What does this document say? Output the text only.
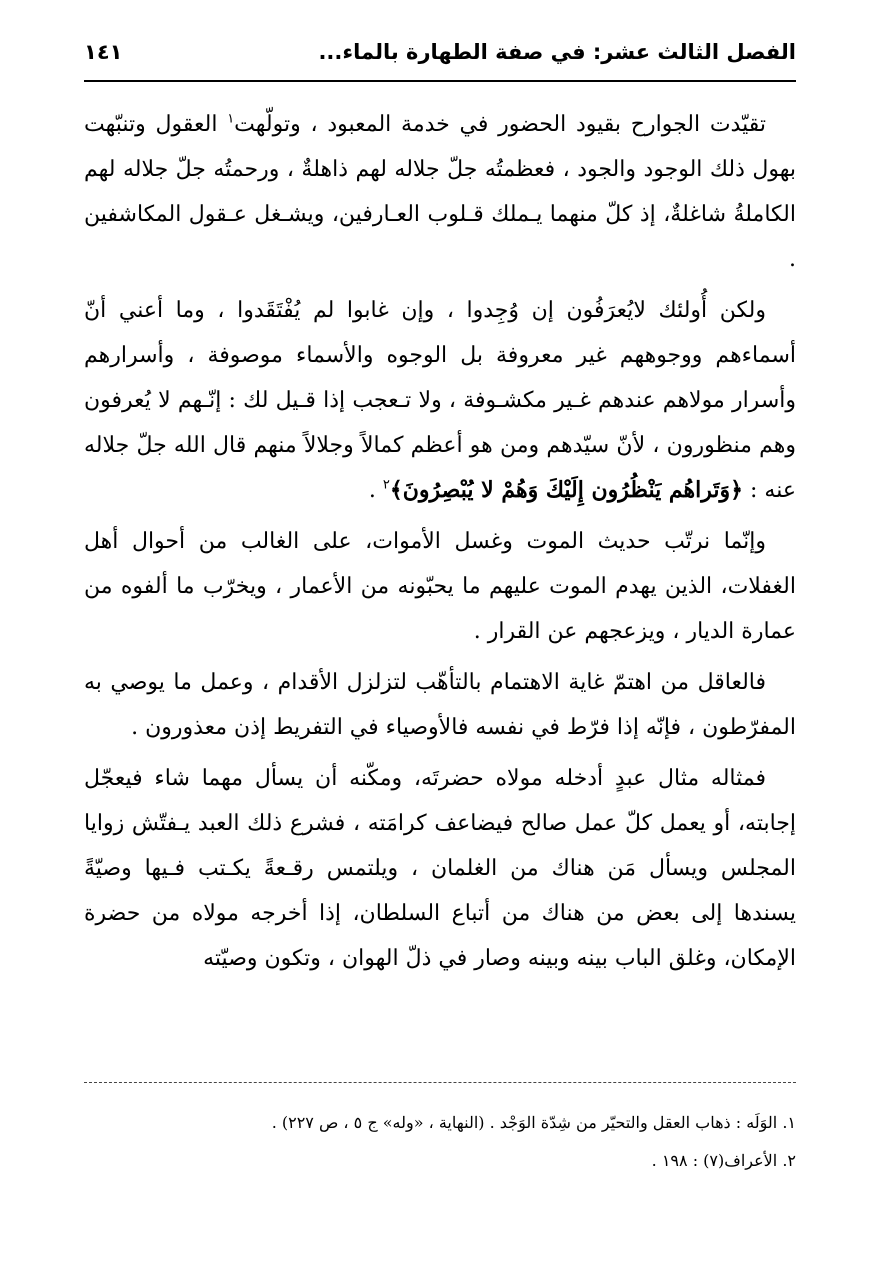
الفصل الثالث عشر: في صفة الطهارة بالماء...
١٤١

تقيّدت الجوارح بقيود الحضور في خدمة المعبود ، وتولّهت$^١$ العقول وتنبّهت بهول ذلك الوجود والجود ، فعظمتُه جلّ جلاله لهم ذاهلةٌ ، ورحمتُه جلّ جلاله لهم الكاملةُ شاغلةٌ، إذ كلّ منهما يـملك قـلوب العـارفين، ويشـغل عـقول المكاشفين .

ولكن أُولئك لايُعرَفُون إن وُجِدوا ، وإن غابوا لم يُفْتَقَدوا ، وما أعني أنّ أسماءهم ووجوههم غير معروفة بل الوجوه والأسماء موصوفة ، وأسرارهم وأسرار مولاهم عندهم غـير مكشـوفة ، ولا تـعجب إذا قـيل لك : إنّـهم لا يُعرفون وهم منظورون ، لأنّ سيّدهم ومن هو أعظم كمالاً وجلالاً منهم قال الله جلّ جلاله عنه : ﴿وَتَراهُم يَنْظُرُون إِلَيْكَ وَهُمْ لا يُبْصِرُونَ﴾$^٢$ .

وإنّما نرتّب حديث الموت وغسل الأموات، على الغالب من أحوال أهل الغفلات، الذين يهدم الموت عليهم ما يحبّونه من الأعمار ، ويخرّب ما ألفوه من عمارة الديار ، ويزعجهم عن القرار .

فالعاقل من اهتمّ غاية الاهتمام بالتأهّب لتزلزل الأقدام ، وعمل ما يوصي به المفرّطون ، فإنّه إذا فرّط في نفسه فالأوصياء في التفريط إذن معذورون .

فمثاله مثال عبدٍ أدخله مولاه حضرتَه، ومكّنه أن يسأل مهما شاء فيعجّل إجابته، أو يعمل كلّ عمل صالح فيضاعف كرامَته ، فشرع ذلك العبد يـفتّش زوايا المجلس ويسأل مَن هناك من الغلمان ، ويلتمس رقـعةً يكـتب فـيها وصيّةً يسندها إلى بعض من هناك من أتباع السلطان، إذا أخرجه مولاه من حضرة الإمكان، وغلق الباب بينه وبينه وصار في ذلّ الهوان ، وتكون وصيّته

١. الوَلَه : ذهاب العقل والتحيّر من شِدّة الوَجْد . (النهاية ، «وله» ج ٥ ، ص ٢٢٧) .
٢. الأعراف(٧) : ١٩٨ .
